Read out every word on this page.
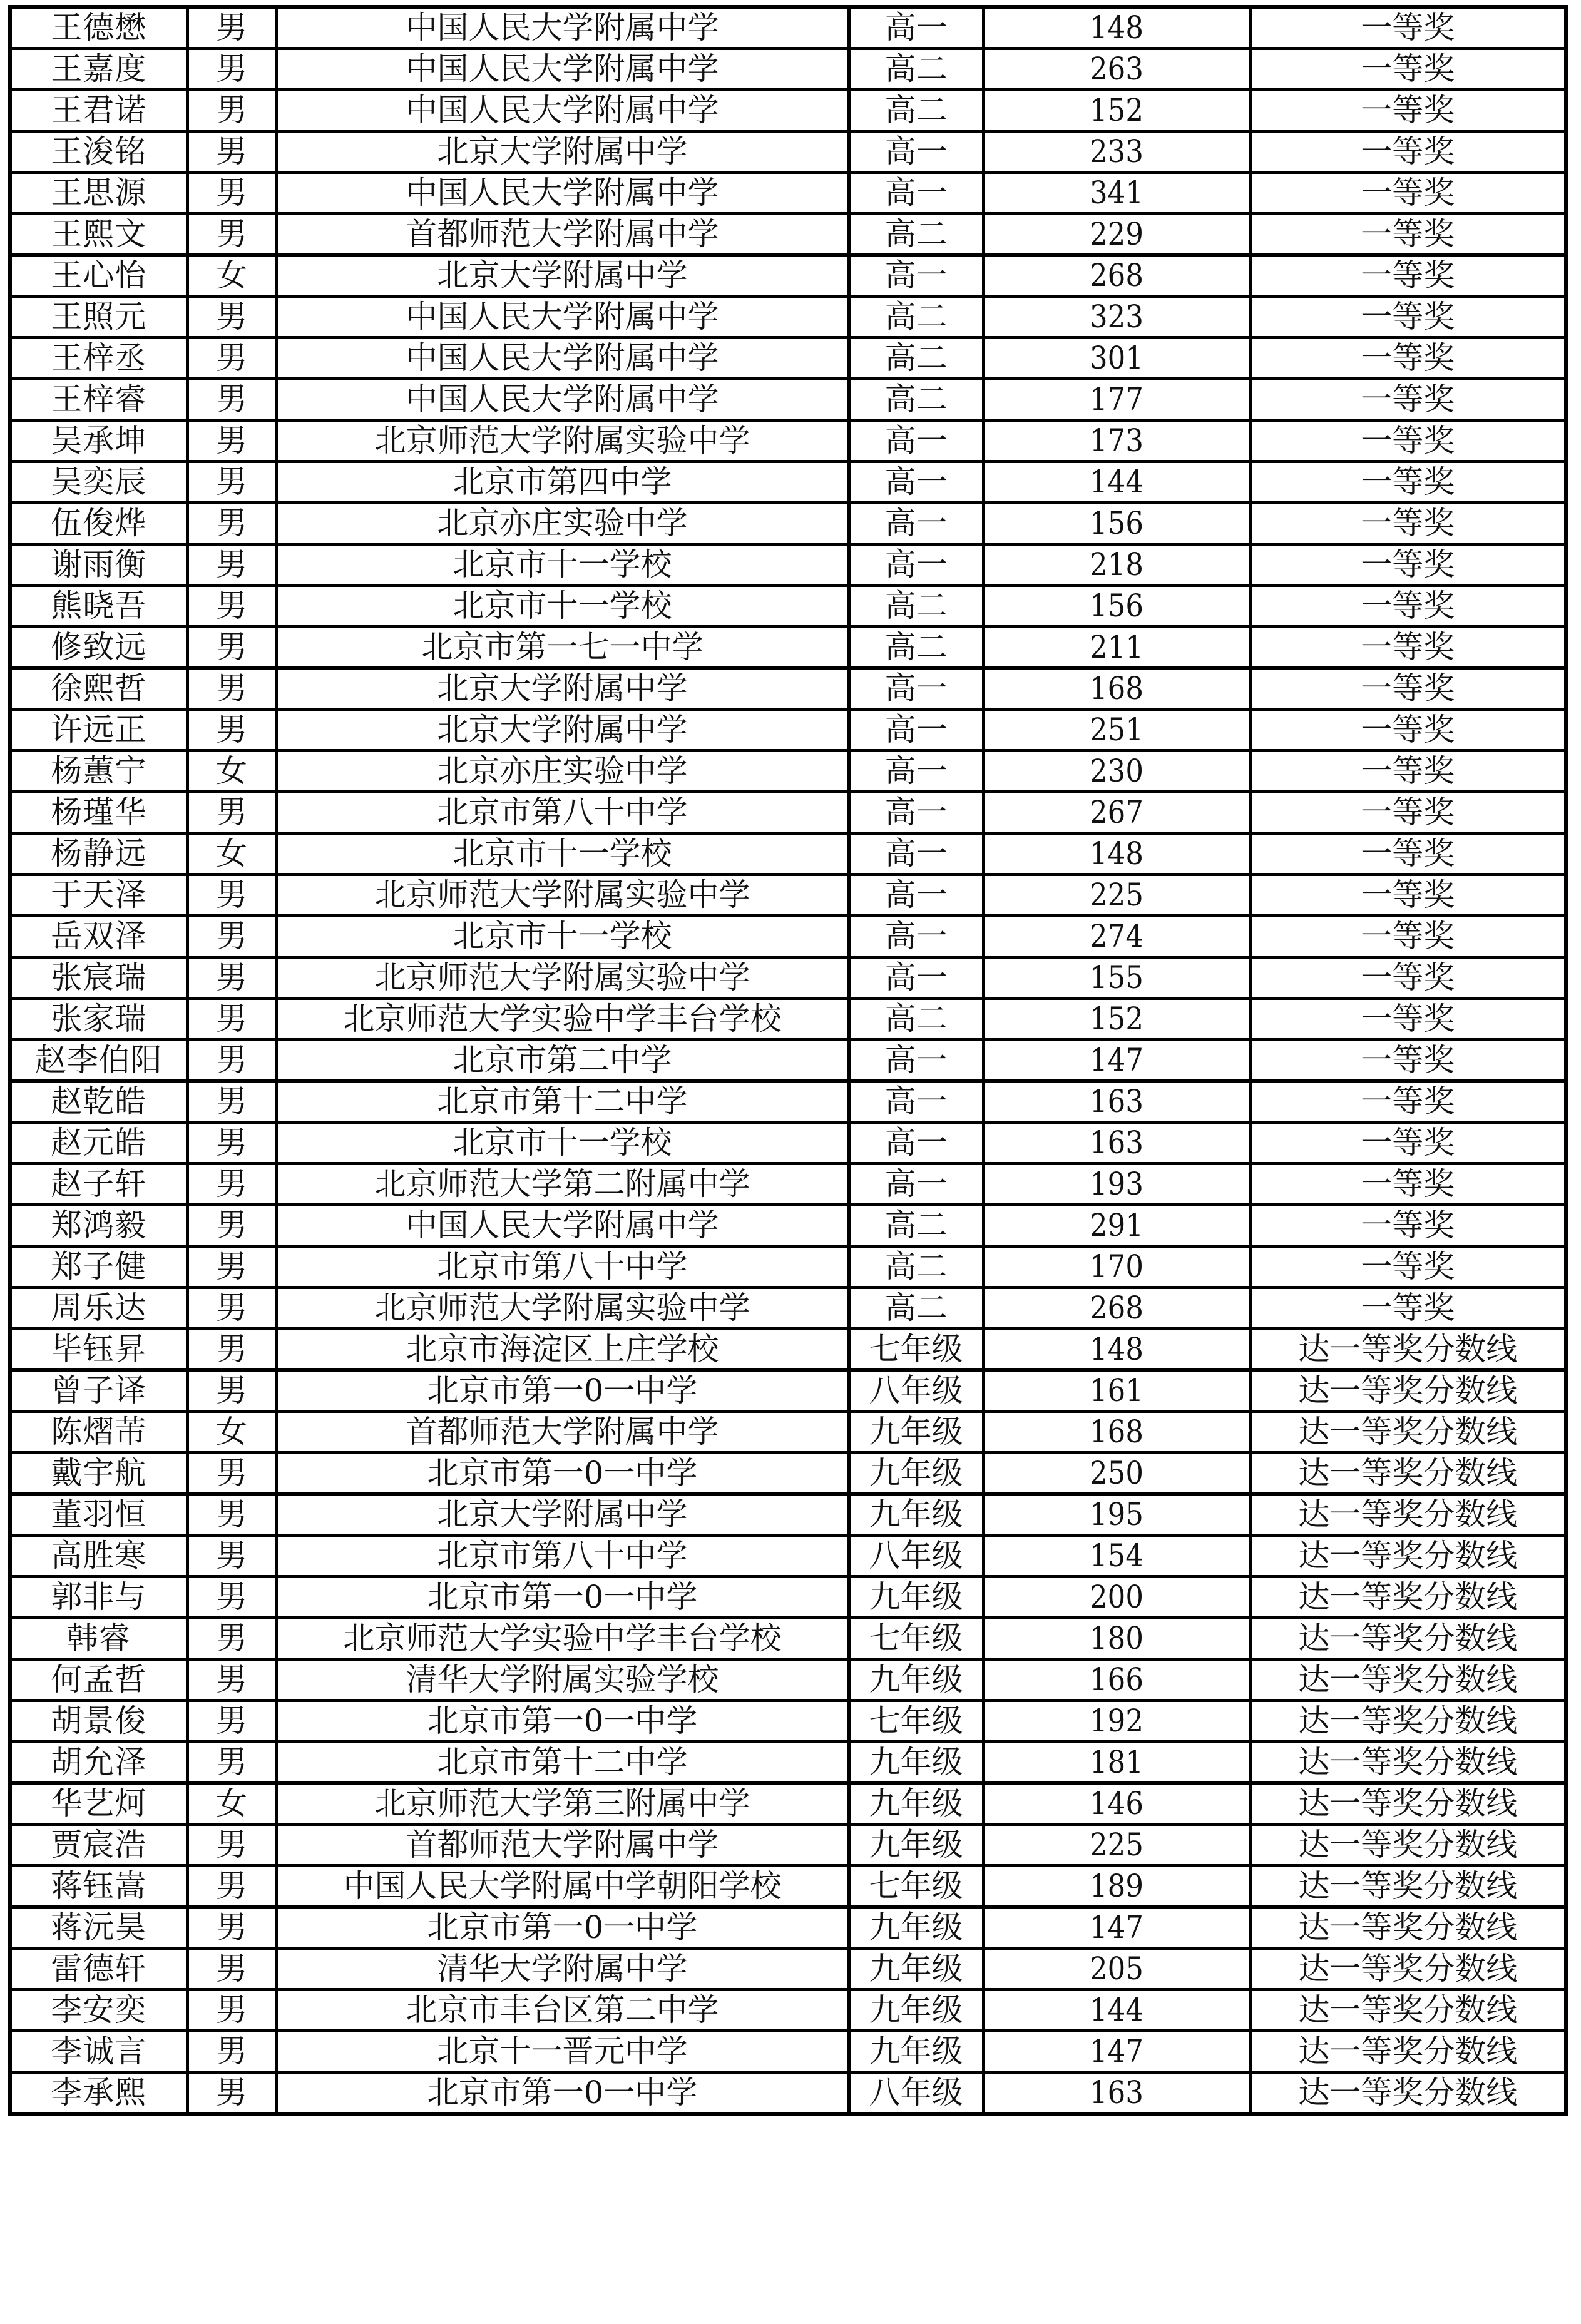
王德懋	男	中国人民大学附属中学	高一	148	一等奖
王嘉度	男	中国人民大学附属中学	高二	263	一等奖
王君诺	男	中国人民大学附属中学	高二	152	一等奖
王浚铭	男	北京大学附属中学	高一	233	一等奖
王思源	男	中国人民大学附属中学	高一	341	一等奖
王熙文	男	首都师范大学附属中学	高二	229	一等奖
王心怡	女	北京大学附属中学	高一	268	一等奖
王照元	男	中国人民大学附属中学	高二	323	一等奖
王梓丞	男	中国人民大学附属中学	高二	301	一等奖
王梓睿	男	中国人民大学附属中学	高二	177	一等奖
吴承坤	男	北京师范大学附属实验中学	高一	173	一等奖
吴奕辰	男	北京市第四中学	高一	144	一等奖
伍俊烨	男	北京亦庄实验中学	高一	156	一等奖
谢雨衡	男	北京市十一学校	高一	218	一等奖
熊晓吾	男	北京市十一学校	高二	156	一等奖
修致远	男	北京市第一七一中学	高二	211	一等奖
徐熙哲	男	北京大学附属中学	高一	168	一等奖
许远正	男	北京大学附属中学	高一	251	一等奖
杨蕙宁	女	北京亦庄实验中学	高一	230	一等奖
杨瑾华	男	北京市第八十中学	高一	267	一等奖
杨静远	女	北京市十一学校	高一	148	一等奖
于天泽	男	北京师范大学附属实验中学	高一	225	一等奖
岳双泽	男	北京市十一学校	高一	274	一等奖
张宸瑞	男	北京师范大学附属实验中学	高一	155	一等奖
张家瑞	男	北京师范大学实验中学丰台学校	高二	152	一等奖
赵李伯阳	男	北京市第二中学	高一	147	一等奖
赵乾皓	男	北京市第十二中学	高一	163	一等奖
赵元皓	男	北京市十一学校	高一	163	一等奖
赵子轩	男	北京师范大学第二附属中学	高一	193	一等奖
郑鸿毅	男	中国人民大学附属中学	高二	291	一等奖
郑子健	男	北京市第八十中学	高二	170	一等奖
周乐达	男	北京师范大学附属实验中学	高二	268	一等奖
毕钰昇	男	北京市海淀区上庄学校	七年级	148	达一等奖分数线
曾子译	男	北京市第一0一中学	八年级	161	达一等奖分数线
陈熠芾	女	首都师范大学附属中学	九年级	168	达一等奖分数线
戴宇航	男	北京市第一0一中学	九年级	250	达一等奖分数线
董羽恒	男	北京大学附属中学	九年级	195	达一等奖分数线
高胜寒	男	北京市第八十中学	八年级	154	达一等奖分数线
郭非与	男	北京市第一0一中学	九年级	200	达一等奖分数线
韩睿	男	北京师范大学实验中学丰台学校	七年级	180	达一等奖分数线
何孟哲	男	清华大学附属实验学校	九年级	166	达一等奖分数线
胡景俊	男	北京市第一0一中学	七年级	192	达一等奖分数线
胡允泽	男	北京市第十二中学	九年级	181	达一等奖分数线
华艺炣	女	北京师范大学第三附属中学	九年级	146	达一等奖分数线
贾宸浩	男	首都师范大学附属中学	九年级	225	达一等奖分数线
蒋钰嵩	男	中国人民大学附属中学朝阳学校	七年级	189	达一等奖分数线
蒋沅昊	男	北京市第一0一中学	九年级	147	达一等奖分数线
雷德轩	男	清华大学附属中学	九年级	205	达一等奖分数线
李安奕	男	北京市丰台区第二中学	九年级	144	达一等奖分数线
李诚言	男	北京十一晋元中学	九年级	147	达一等奖分数线
李承熙	男	北京市第一0一中学	八年级	163	达一等奖分数线
